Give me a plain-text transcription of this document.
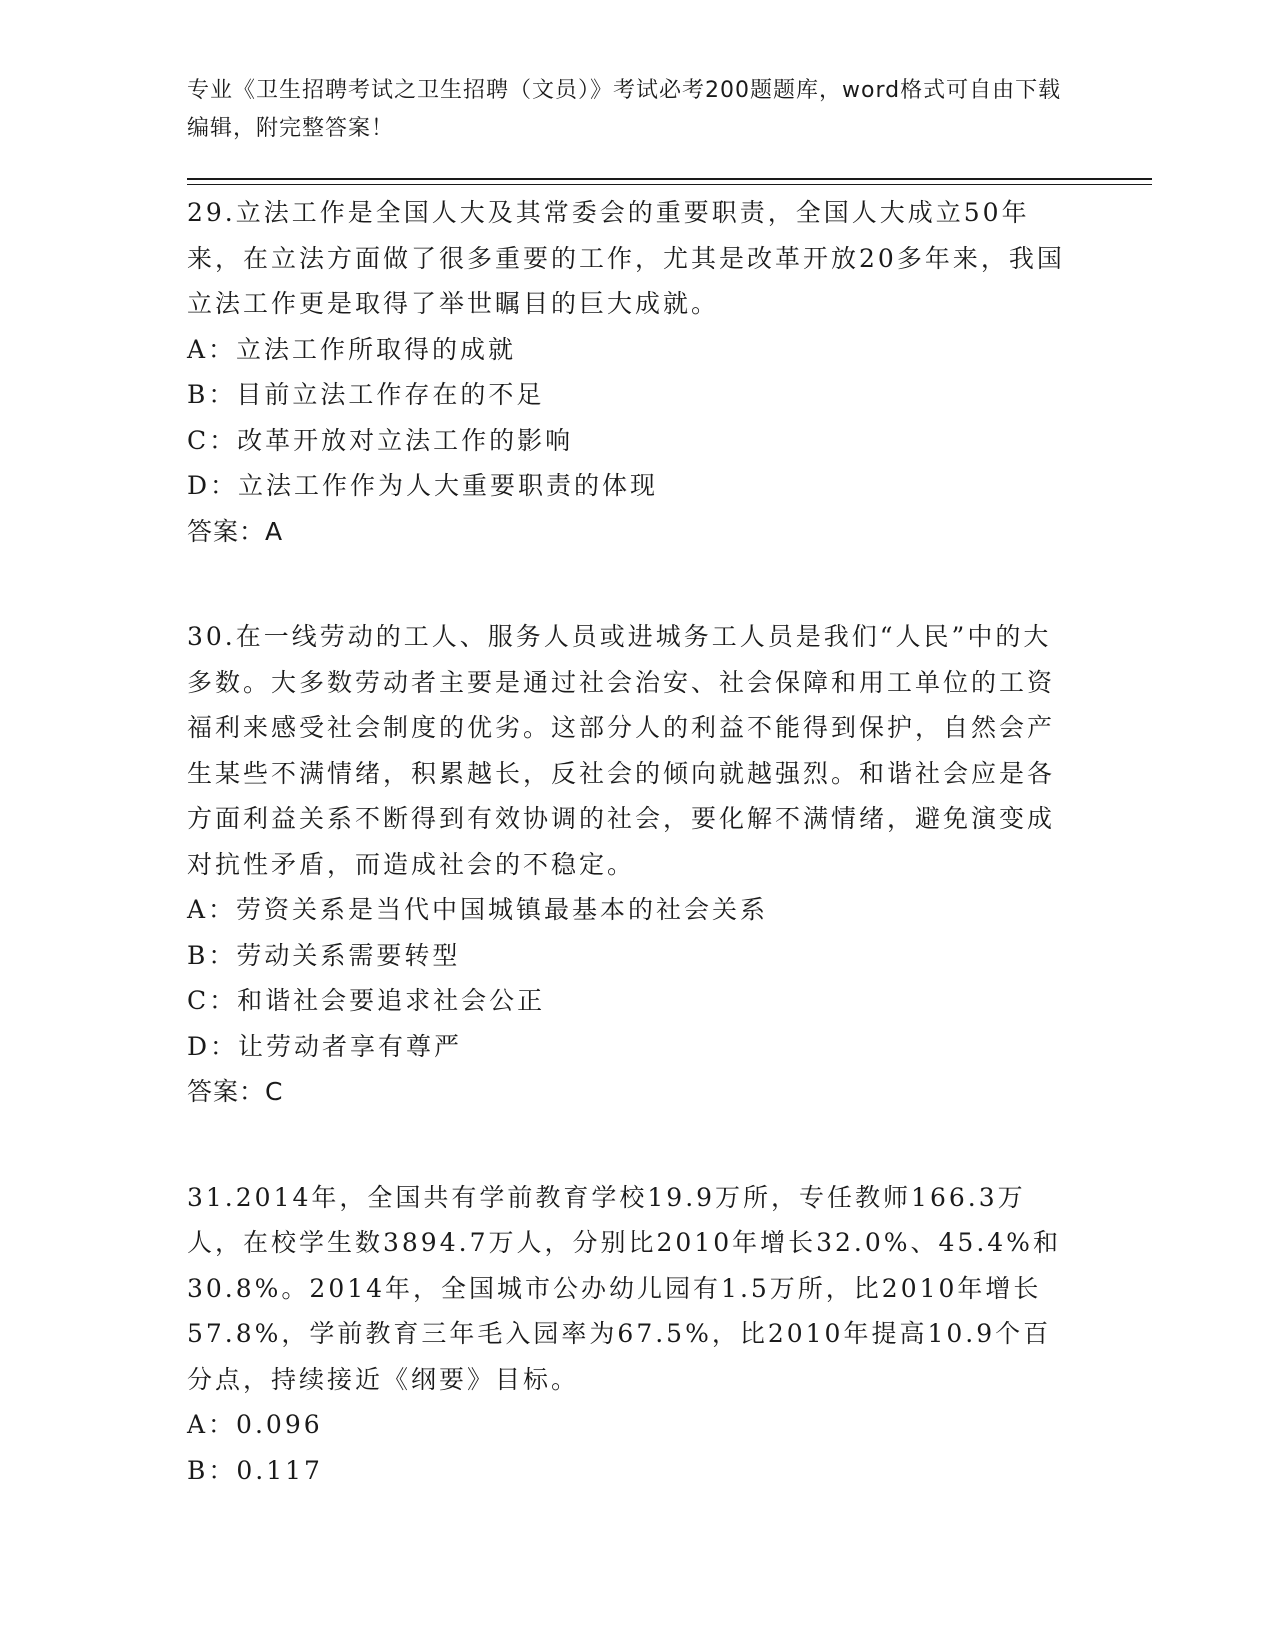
专业《卫生招聘考试之卫生招聘（文员）》考试必考200题题库，word格式可自由下载编辑，附完整答案！

29.立法工作是全国人大及其常委会的重要职责，全国人大成立50年来，在立法方面做了很多重要的工作，尤其是改革开放20多年来，我国立法工作更是取得了举世瞩目的巨大成就。

A：立法工作所取得的成就

B：目前立法工作存在的不足

C：改革开放对立法工作的影响

D：立法工作作为人大重要职责的体现

答案：A

30.在一线劳动的工人、服务人员或进城务工人员是我们“人民”中的大多数。大多数劳动者主要是通过社会治安、社会保障和用工单位的工资福利来感受社会制度的优劣。这部分人的利益不能得到保护，自然会产生某些不满情绪，积累越长，反社会的倾向就越强烈。和谐社会应是各方面利益关系不断得到有效协调的社会，要化解不满情绪，避免演变成对抗性矛盾，而造成社会的不稳定。

A：劳资关系是当代中国城镇最基本的社会关系

B：劳动关系需要转型

C：和谐社会要追求社会公正

D：让劳动者享有尊严

答案：C

31.2014年，全国共有学前教育学校19.9万所，专任教师166.3万人，在校学生数3894.7万人，分别比2010年增长32.0%、45.4%和30.8%。2014年，全国城市公办幼儿园有1.5万所，比2010年增长57.8%，学前教育三年毛入园率为67.5%，比2010年提高10.9个百分点，持续接近《纲要》目标。

A：0.096

B：0.117
